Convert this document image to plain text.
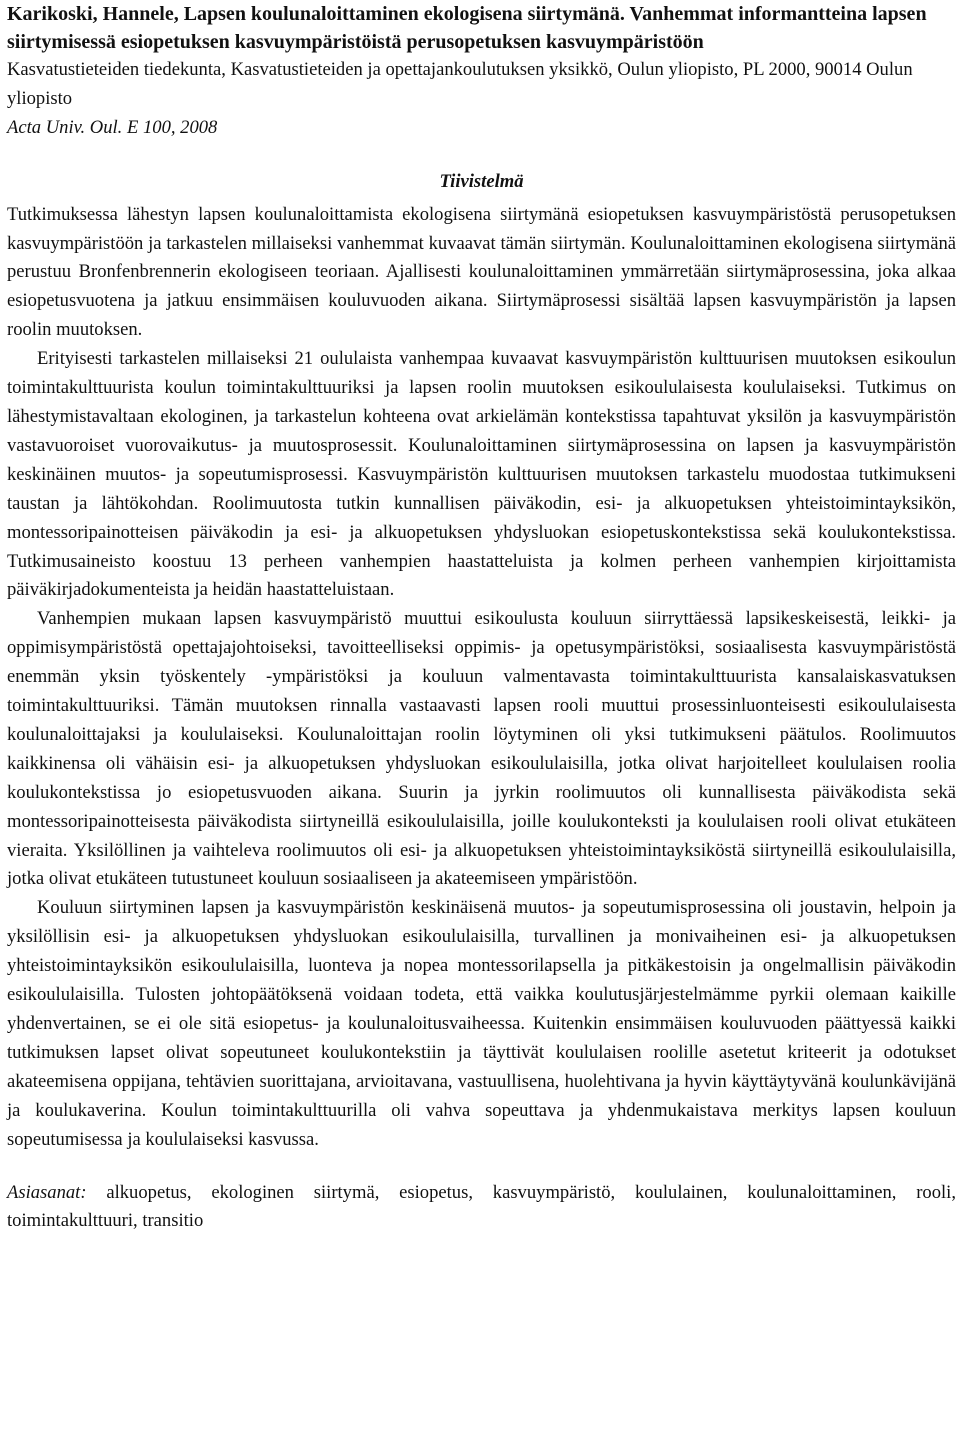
Karikoski, Hannele, Lapsen koulunaloittaminen ekologisena siirtymänä. Vanhemmat informantteina lapsen siirtymisessä esiopetuksen kasvuympäristöistä perusopetuksen kasvuympäristöön

Kasvatustieteiden tiedekunta, Kasvatustieteiden ja opettajankoulutuksen yksikkö, Oulun yliopisto, PL 2000, 90014 Oulun yliopisto

Acta Univ. Oul. E 100, 2008

Tiivistelmä

Tutkimuksessa lähestyn lapsen koulunaloittamista ekologisena siirtymänä esiopetuksen kasvuympäristöstä perusopetuksen kasvuympäristöön ja tarkastelen millaiseksi vanhemmat kuvaavat tämän siirtymän. Koulunaloittaminen ekologisena siirtymänä perustuu Bronfenbrennerin ekologiseen teoriaan. Ajallisesti koulunaloittaminen ymmärretään siirtymäprosessina, joka alkaa esiopetusvuotena ja jatkuu ensimmäisen kouluvuoden aikana. Siirtymäprosessi sisältää lapsen kasvuympäristön ja lapsen roolin muutoksen.

Erityisesti tarkastelen millaiseksi 21 oululaista vanhempaa kuvaavat kasvuympäristön kulttuurisen muutoksen esikoulun toimintakulttuurista koulun toimintakulttuuriksi ja lapsen roolin muutoksen esikoululaisesta koululaiseksi. Tutkimus on lähestymistavaltaan ekologinen, ja tarkastelun kohteena ovat arkielämän kontekstissa tapahtuvat yksilön ja kasvuympäristön vastavuoroiset vuorovaikutus- ja muutosprosessit. Koulunaloittaminen siirtymäprosessina on lapsen ja kasvuympäristön keskinäinen muutos- ja sopeutumisprosessi. Kasvuympäristön kulttuurisen muutoksen tarkastelu muodostaa tutkimukseni taustan ja lähtökohdan. Roolimuutosta tutkin kunnallisen päiväkodin, esi- ja alkuopetuksen yhteistoimintayksikön, montessoripainotteisen päiväkodin ja esi- ja alkuopetuksen yhdysluokan esiopetuskontekstissa sekä koulukontekstissa. Tutkimusaineisto koostuu 13 perheen vanhempien haastatteluista ja kolmen perheen vanhempien kirjoittamista päiväkirjadokumenteista ja heidän haastatteluistaan.

Vanhempien mukaan lapsen kasvuympäristö muuttui esikoulusta kouluun siirryttäessä lapsikeskeisestä, leikki- ja oppimisympäristöstä opettajajohtoiseksi, tavoitteelliseksi oppimis- ja opetusympäristöksi, sosiaalisesta kasvuympäristöstä enemmän yksin työskentely -ympäristöksi ja kouluun valmentavasta toimintakulttuurista kansalaiskasvatuksen toimintakulttuuriksi. Tämän muutoksen rinnalla vastaavasti lapsen rooli muuttui prosessinluonteisesti esikoululaisesta koulunaloittajaksi ja koululaiseksi. Koulunaloittajan roolin löytyminen oli yksi tutkimukseni päätulos. Roolimuutos kaikkinensa oli vähäisin esi- ja alkuopetuksen yhdysluokan esikoululaisilla, jotka olivat harjoitelleet koululaisen roolia koulukontekstissa jo esiopetusvuoden aikana. Suurin ja jyrkin roolimuutos oli kunnallisesta päiväkodista sekä montessoripainotteisesta päiväkodista siirtyneillä esikoululaisilla, joille koulukonteksti ja koululaisen rooli olivat etukäteen vieraita. Yksilöllinen ja vaihteleva roolimuutos oli esi- ja alkuopetuksen yhteistoimintayksiköstä siirtyneillä esikoululaisilla, jotka olivat etukäteen tutustuneet kouluun sosiaaliseen ja akateemiseen ympäristöön.

Kouluun siirtyminen lapsen ja kasvuympäristön keskinäisenä muutos- ja sopeutumisprosessina oli joustavin, helpoin ja yksilöllisin esi- ja alkuopetuksen yhdysluokan esikoululaisilla, turvallinen ja monivaiheinen esi- ja alkuopetuksen yhteistoimintayksikön esikoululaisilla, luonteva ja nopea montessorilapsella ja pitkäkestoisin ja ongelmallisin päiväkodin esikoululaisilla. Tulosten johtopäätöksenä voidaan todeta, että vaikka koulutusjärjestelmämme pyrkii olemaan kaikille yhdenvertainen, se ei ole sitä esiopetus- ja koulunaloitusvaiheessa. Kuitenkin ensimmäisen kouluvuoden päättyessä kaikki tutkimuksen lapset olivat sopeutuneet koulukontekstiin ja täyttivät koululaisen roolille asetetut kriteerit ja odotukset akateemisena oppijana, tehtävien suorittajana, arvioitavana, vastuullisena, huolehtivana ja hyvin käyttäytyvänä koulunkävijänä ja koulukaverina. Koulun toimintakulttuurilla oli vahva sopeuttava ja yhdenmukaistava merkitys lapsen kouluun sopeutumisessa ja koululaiseksi kasvussa.

Asiasanat: alkuopetus, ekologinen siirtymä, esiopetus, kasvuympäristö, koululainen, koulunaloittaminen, rooli, toimintakulttuuri, transitio
